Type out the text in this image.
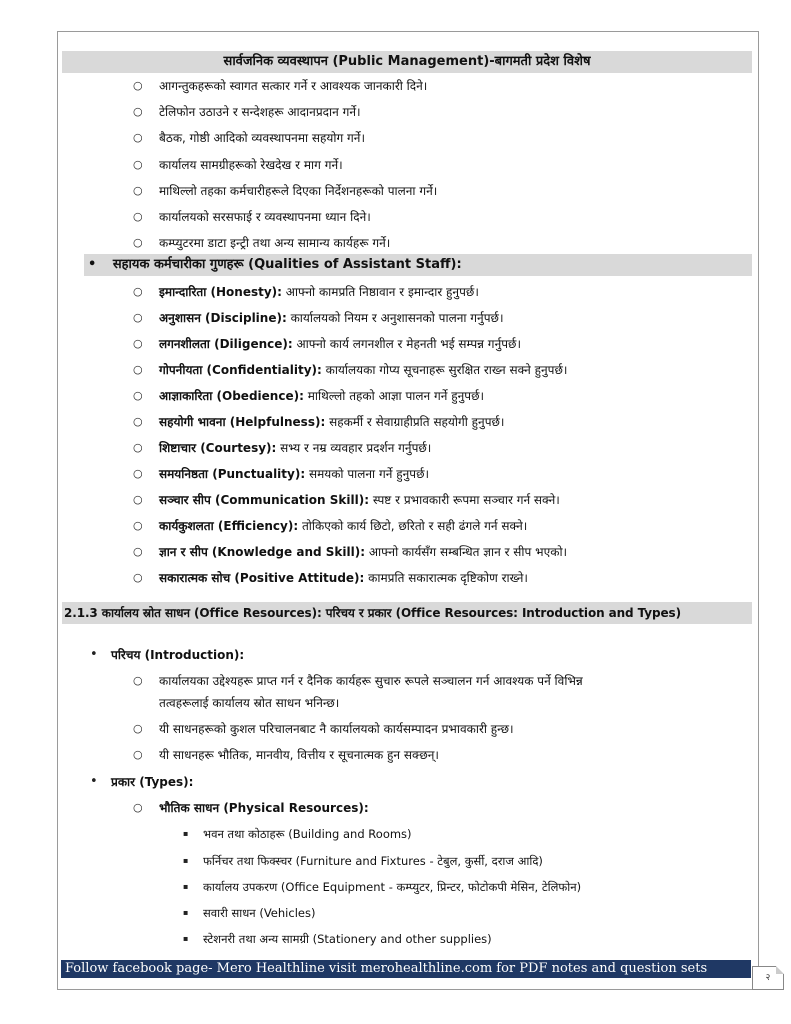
सार्वजनिक व्यवस्थापन (Public Management)-बागमती प्रदेश विशेष
○ आगन्तुकहरूको स्वागत सत्कार गर्ने र आवश्यक जानकारी दिने।
○ टेलिफोन उठाउने र सन्देशहरू आदानप्रदान गर्ने।
○ बैठक, गोष्ठी आदिको व्यवस्थापनमा सहयोग गर्ने।
○ कार्यालय सामग्रीहरूको रेखदेख र माग गर्ने।
○ माथिल्लो तहका कर्मचारीहरूले दिएका निर्देशनहरूको पालना गर्ने।
○ कार्यालयको सरसफाई र व्यवस्थापनमा ध्यान दिने।
○ कम्प्युटरमा डाटा इन्ट्री तथा अन्य सामान्य कार्यहरू गर्ने।
• सहायक कर्मचारीका गुणहरू (Qualities of Assistant Staff):
○ इमान्दारिता (Honesty): आफ्नो कामप्रति निष्ठावान र इमान्दार हुनुपर्छ।
○ अनुशासन (Discipline): कार्यालयको नियम र अनुशासनको पालना गर्नुपर्छ।
○ लगनशीलता (Diligence): आफ्नो कार्य लगनशील र मेहनती भई सम्पन्न गर्नुपर्छ।
○ गोपनीयता (Confidentiality): कार्यालयका गोप्य सूचनाहरू सुरक्षित राख्न सक्ने हुनुपर्छ।
○ आज्ञाकारिता (Obedience): माथिल्लो तहको आज्ञा पालन गर्ने हुनुपर्छ।
○ सहयोगी भावना (Helpfulness): सहकर्मी र सेवाग्राहीप्रति सहयोगी हुनुपर्छ।
○ शिष्टाचार (Courtesy): सभ्य र नम्र व्यवहार प्रदर्शन गर्नुपर्छ।
○ समयनिष्ठता (Punctuality): समयको पालना गर्ने हुनुपर्छ।
○ सञ्चार सीप (Communication Skill): स्पष्ट र प्रभावकारी रूपमा सञ्चार गर्न सक्ने।
○ कार्यकुशलता (Efficiency): तोकिएको कार्य छिटो, छरितो र सही ढंगले गर्न सक्ने।
○ ज्ञान र सीप (Knowledge and Skill): आफ्नो कार्यसँग सम्बन्धित ज्ञान र सीप भएको।
○ सकारात्मक सोच (Positive Attitude): कामप्रति सकारात्मक दृष्टिकोण राख्ने।
2.1.3 कार्यालय स्रोत साधन (Office Resources): परिचय र प्रकार (Office Resources: Introduction and Types)
• परिचय (Introduction):
○ कार्यालयका उद्देश्यहरू प्राप्त गर्न र दैनिक कार्यहरू सुचारु रूपले सञ्चालन गर्न आवश्यक पर्ने विभिन्न
तत्वहरूलाई कार्यालय स्रोत साधन भनिन्छ।
○ यी साधनहरूको कुशल परिचालनबाट नै कार्यालयको कार्यसम्पादन प्रभावकारी हुन्छ।
○ यी साधनहरू भौतिक, मानवीय, वित्तीय र सूचनात्मक हुन सक्छन्।
• प्रकार (Types):
○ भौतिक साधन (Physical Resources):
▪ भवन तथा कोठाहरू (Building and Rooms)
▪ फर्निचर तथा फिक्स्चर (Furniture and Fixtures - टेबुल, कुर्सी, दराज आदि)
▪ कार्यालय उपकरण (Office Equipment - कम्प्युटर, प्रिन्टर, फोटोकपी मेसिन, टेलिफोन)
▪ सवारी साधन (Vehicles)
▪ स्टेशनरी तथा अन्य सामग्री (Stationery and other supplies)
Follow facebook page- Mero Healthline visit merohealthline.com for PDF notes and question sets
२
